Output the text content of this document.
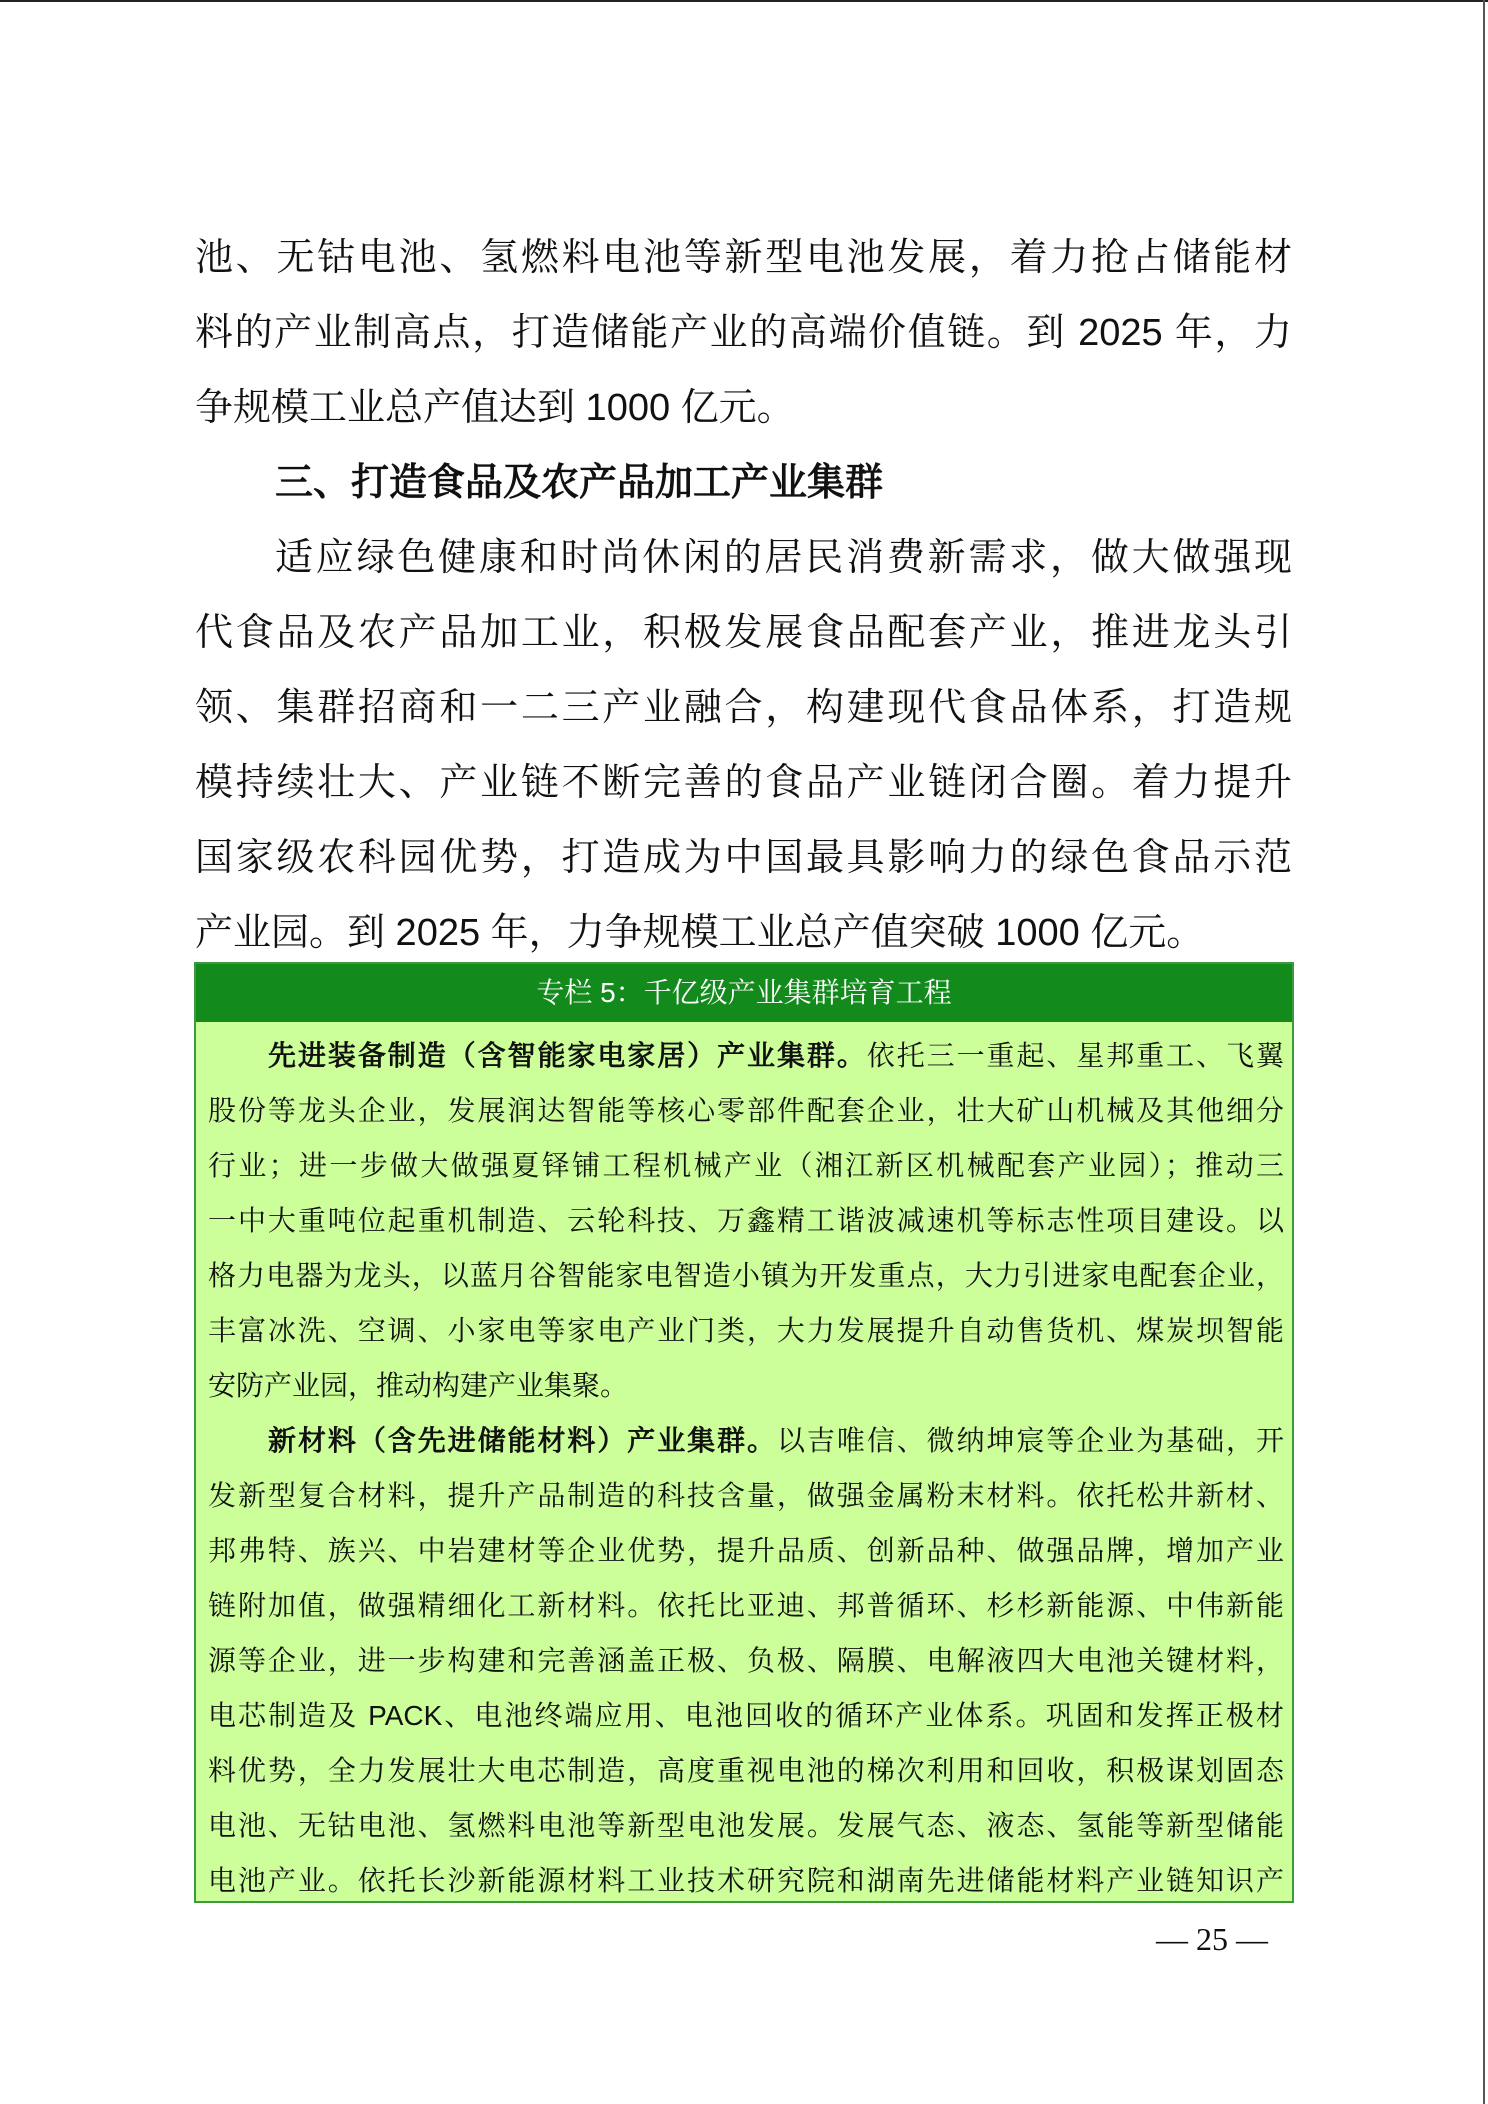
池、无钴电池、氢燃料电池等新型电池发展，着力抢占储能材
料的产业制高点，打造储能产业的高端价值链。到 2025 年，力
争规模工业总产值达到 1000 亿元。
三、打造食品及农产品加工产业集群
适应绿色健康和时尚休闲的居民消费新需求，做大做强现
代食品及农产品加工业，积极发展食品配套产业，推进龙头引
领、集群招商和一二三产业融合，构建现代食品体系，打造规
模持续壮大、产业链不断完善的食品产业链闭合圈。着力提升
国家级农科园优势，打造成为中国最具影响力的绿色食品示范
产业园。到 2025 年，力争规模工业总产值突破 1000 亿元。
专栏 5：千亿级产业集群培育工程
先进装备制造（含智能家电家居）产业集群。依托三一重起、星邦重工、飞翼
股份等龙头企业，发展润达智能等核心零部件配套企业，壮大矿山机械及其他细分
行业；进一步做大做强夏铎铺工程机械产业（湘江新区机械配套产业园）；推动三
一中大重吨位起重机制造、云轮科技、万鑫精工谐波减速机等标志性项目建设。以
格力电器为龙头，以蓝月谷智能家电智造小镇为开发重点，大力引进家电配套企业，
丰富冰洗、空调、小家电等家电产业门类，大力发展提升自动售货机、煤炭坝智能
安防产业园，推动构建产业集聚。
新材料（含先进储能材料）产业集群。以吉唯信、微纳坤宸等企业为基础，开
发新型复合材料，提升产品制造的科技含量，做强金属粉末材料。依托松井新材、
邦弗特、族兴、中岩建材等企业优势，提升品质、创新品种、做强品牌，增加产业
链附加值，做强精细化工新材料。依托比亚迪、邦普循环、杉杉新能源、中伟新能
源等企业，进一步构建和完善涵盖正极、负极、隔膜、电解液四大电池关键材料，
电芯制造及 PACK、电池终端应用、电池回收的循环产业体系。巩固和发挥正极材
料优势，全力发展壮大电芯制造，高度重视电池的梯次利用和回收，积极谋划固态
电池、无钴电池、氢燃料电池等新型电池发展。发展气态、液态、氢能等新型储能
电池产业。依托长沙新能源材料工业技术研究院和湖南先进储能材料产业链知识产
— 25 —
